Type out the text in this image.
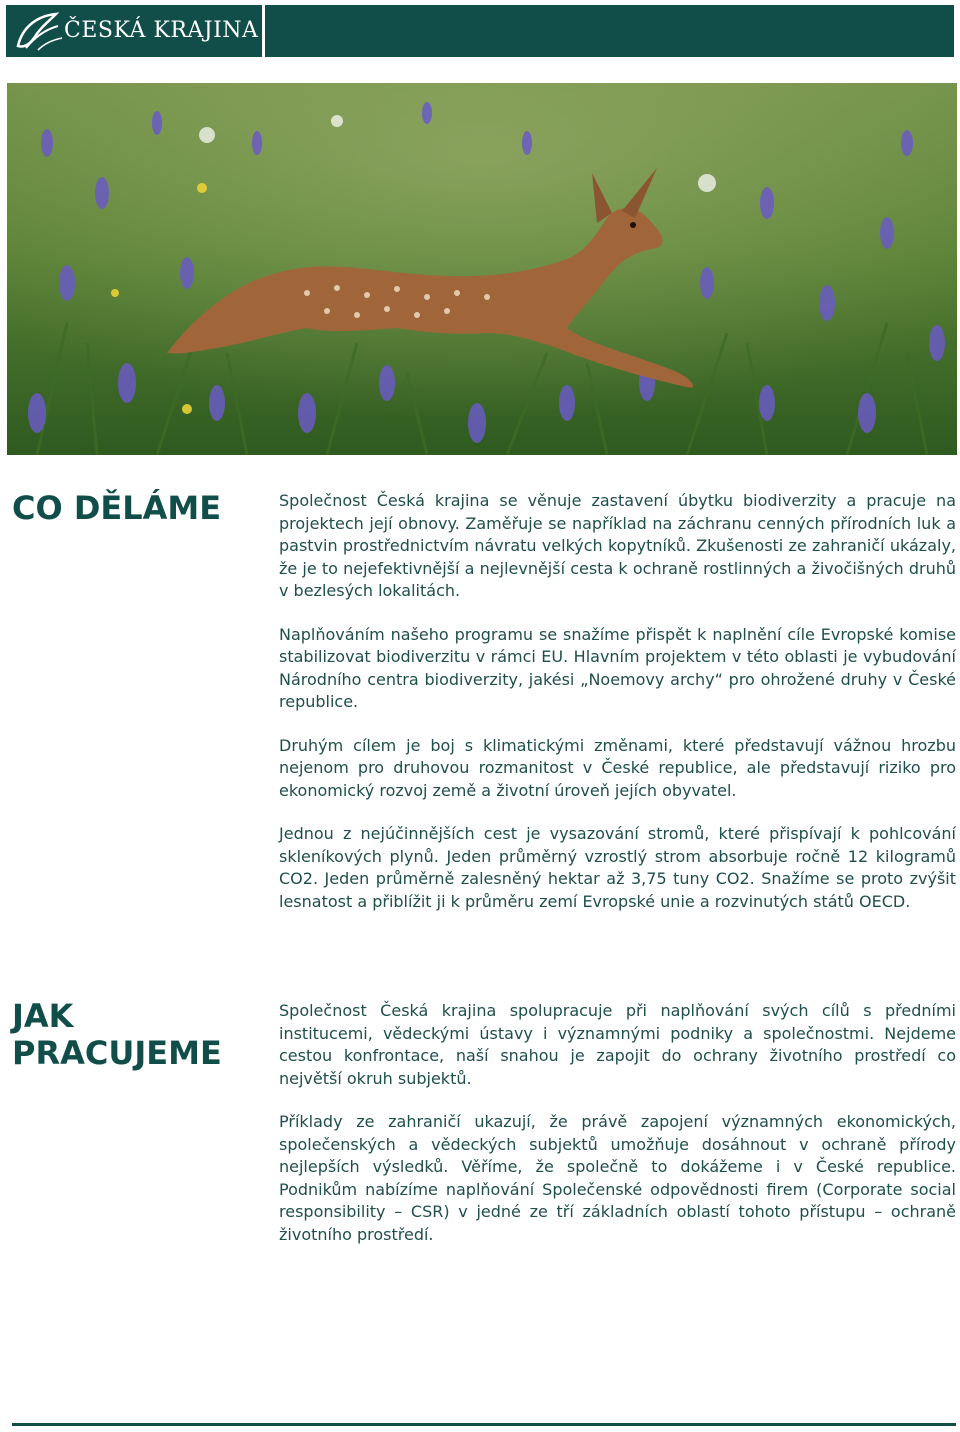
ČESKÁ KRAJINA
CO DĚLÁME	Společnost Česká krajina se věnuje zastavení úbytku biodiverzity a pracuje na projektech její obnovy. Zaměřuje se například na záchranu cenných přírodních luk a pastvin prostřednictvím návratu velkých kopytníků. Zkušenosti ze zahraničí ukázaly, že je to nejefektivnější a nejlevnější cesta k ochraně rostlinných a živočišných druhů v bezlesých lokalitách.

Naplňováním našeho programu se snažíme přispět k naplnění cíle Evropské komise stabilizovat biodiverzitu v rámci EU. Hlavním projektem v této oblasti je vybudování Národního centra biodiverzity, jakési „Noemovy archy“ pro ohrožené druhy v České republice.

Druhým cílem je boj s klimatickými změnami, které představují vážnou hrozbu nejenom pro druhovou rozmanitost v České republice, ale představují riziko pro ekonomický rozvoj země a životní úroveň jejích obyvatel.

Jednou z nejúčinnějších cest je vysazování stromů, které přispívají k pohlcování skleníkových plynů. Jeden průměrný vzrostlý strom absorbuje ročně 12 kilogramů CO2. Jeden průměrně zalesněný hektar až 3,75 tuny CO2. Snažíme se proto zvýšit lesnatost a přiblížit ji k průměru zemí Evropské unie a rozvinutých států OECD.

JAK
PRACUJEME

Společnost Česká krajina spolupracuje při naplňování svých cílů s předními institucemi, vědeckými ústavy i významnými podniky a společnostmi. Nejdeme cestou konfrontace, naší snahou je zapojit do ochrany životního prostředí co největší okruh subjektů.

Příklady ze zahraničí ukazují, že právě zapojení významných ekonomických, společenských a vědeckých subjektů umožňuje dosáhnout v ochraně přírody nejlepších výsledků. Věříme, že společně to dokážeme i v České republice. Podnikům nabízíme naplňování Společenské odpovědnosti firem (Corporate social responsibility – CSR) v jedné ze tří základních oblastí tohoto přístupu – ochraně životního prostředí.
